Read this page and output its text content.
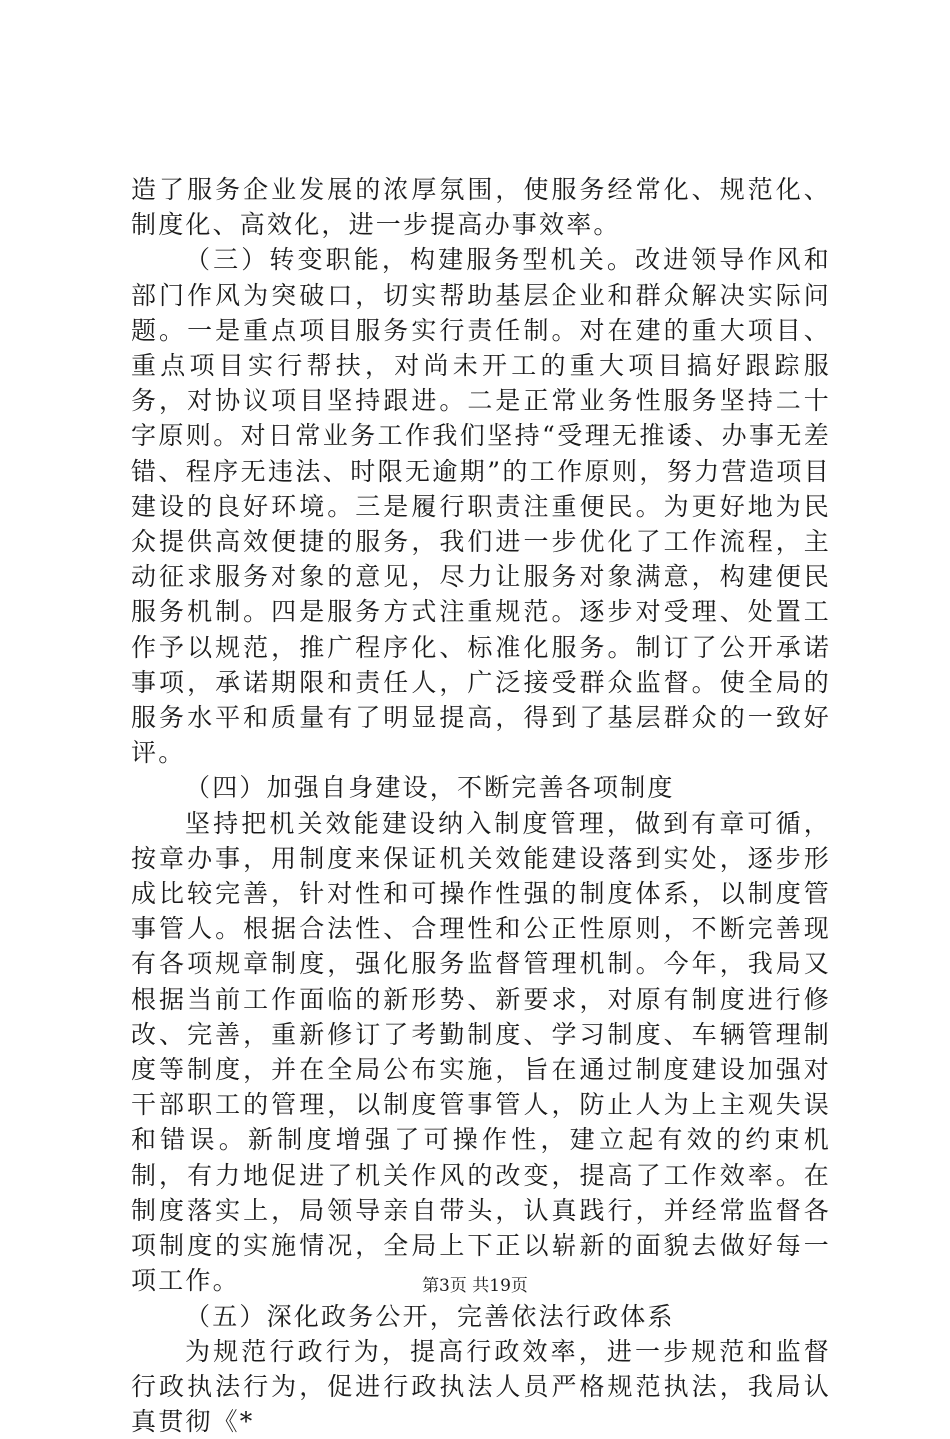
造了服务企业发展的浓厚氛围，使服务经常化、规范化、制度化、高效化，进一步提高办事效率。

（三）转变职能，构建服务型机关。改进领导作风和部门作风为突破口，切实帮助基层企业和群众解决实际问题。一是重点项目服务实行责任制。对在建的重大项目、重点项目实行帮扶，对尚未开工的重大项目搞好跟踪服务，对协议项目坚持跟进。二是正常业务性服务坚持二十字原则。对日常业务工作我们坚持“受理无推诿、办事无差错、程序无违法、时限无逾期”的工作原则，努力营造项目建设的良好环境。三是履行职责注重便民。为更好地为民众提供高效便捷的服务，我们进一步优化了工作流程，主动征求服务对象的意见，尽力让服务对象满意，构建便民服务机制。四是服务方式注重规范。逐步对受理、处置工作予以规范，推广程序化、标准化服务。制订了公开承诺事项，承诺期限和责任人，广泛接受群众监督。使全局的服务水平和质量有了明显提高，得到了基层群众的一致好评。

（四）加强自身建设，不断完善各项制度

坚持把机关效能建设纳入制度管理，做到有章可循，按章办事，用制度来保证机关效能建设落到实处，逐步形成比较完善，针对性和可操作性强的制度体系，以制度管事管人。根据合法性、合理性和公正性原则，不断完善现有各项规章制度，强化服务监督管理机制。今年，我局又根据当前工作面临的新形势、新要求，对原有制度进行修改、完善，重新修订了考勤制度、学习制度、车辆管理制度等制度，并在全局公布实施，旨在通过制度建设加强对干部职工的管理，以制度管事管人，防止人为上主观失误和错误。新制度增强了可操作性，建立起有效的约束机制，有力地促进了机关作风的改变，提高了工作效率。在制度落实上，局领导亲自带头，认真践行，并经常监督各项制度的实施情况，全局上下正以崭新的面貌去做好每一项工作。

（五）深化政务公开，完善依法行政体系

为规范行政行为，提高行政效率，进一步规范和监督行政执法行为，促进行政执法人员严格规范执法，我局认真贯彻《*

第3页 共19页
